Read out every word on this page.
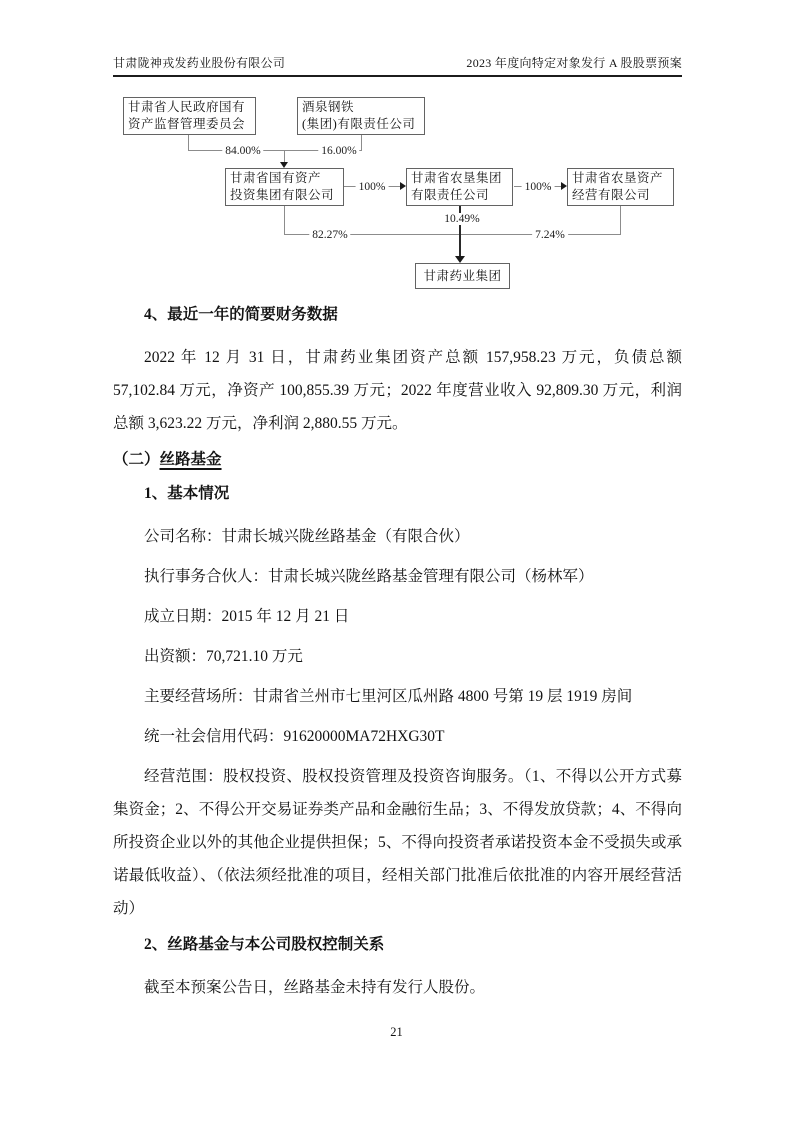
甘肃陇神戎发药业股份有限公司	2023 年度向特定对象发行 A 股股票预案
甘肃省人民政府国有
资产监督管理委员会
酒泉钢铁
(集团)有限责任公司
甘肃省国有资产
投资集团有限公司
甘肃省农垦集团
有限责任公司
甘肃省农垦资产
经营有限公司
甘肃药业集团
84.00%	16.00%
100%	100%
10.49%
82.27%	7.24%

4、最近一年的简要财务数据

2022 年 12 月 31 日，甘肃药业集团资产总额 157,958.23 万元，负债总额 57,102.84 万元，净资产 100,855.39 万元；2022 年度营业收入 92,809.30 万元，利润总额 3,623.22 万元，净利润 2,880.55 万元。

（二）丝路基金

1、基本情况

公司名称：甘肃长城兴陇丝路基金（有限合伙）

执行事务合伙人：甘肃长城兴陇丝路基金管理有限公司（杨林军）

成立日期：2015 年 12 月 21 日

出资额：70,721.10 万元

主要经营场所：甘肃省兰州市七里河区瓜州路 4800 号第 19 层 1919 房间

统一社会信用代码：91620000MA72HXG30T

经营范围：股权投资、股权投资管理及投资咨询服务。（1、不得以公开方式募集资金；2、不得公开交易证券类产品和金融衍生品；3、不得发放贷款；4、不得向所投资企业以外的其他企业提供担保；5、不得向投资者承诺投资本金不受损失或承诺最低收益）、（依法须经批准的项目，经相关部门批准后依批准的内容开展经营活动）

2、丝路基金与本公司股权控制关系

截至本预案公告日，丝路基金未持有发行人股份。

21
